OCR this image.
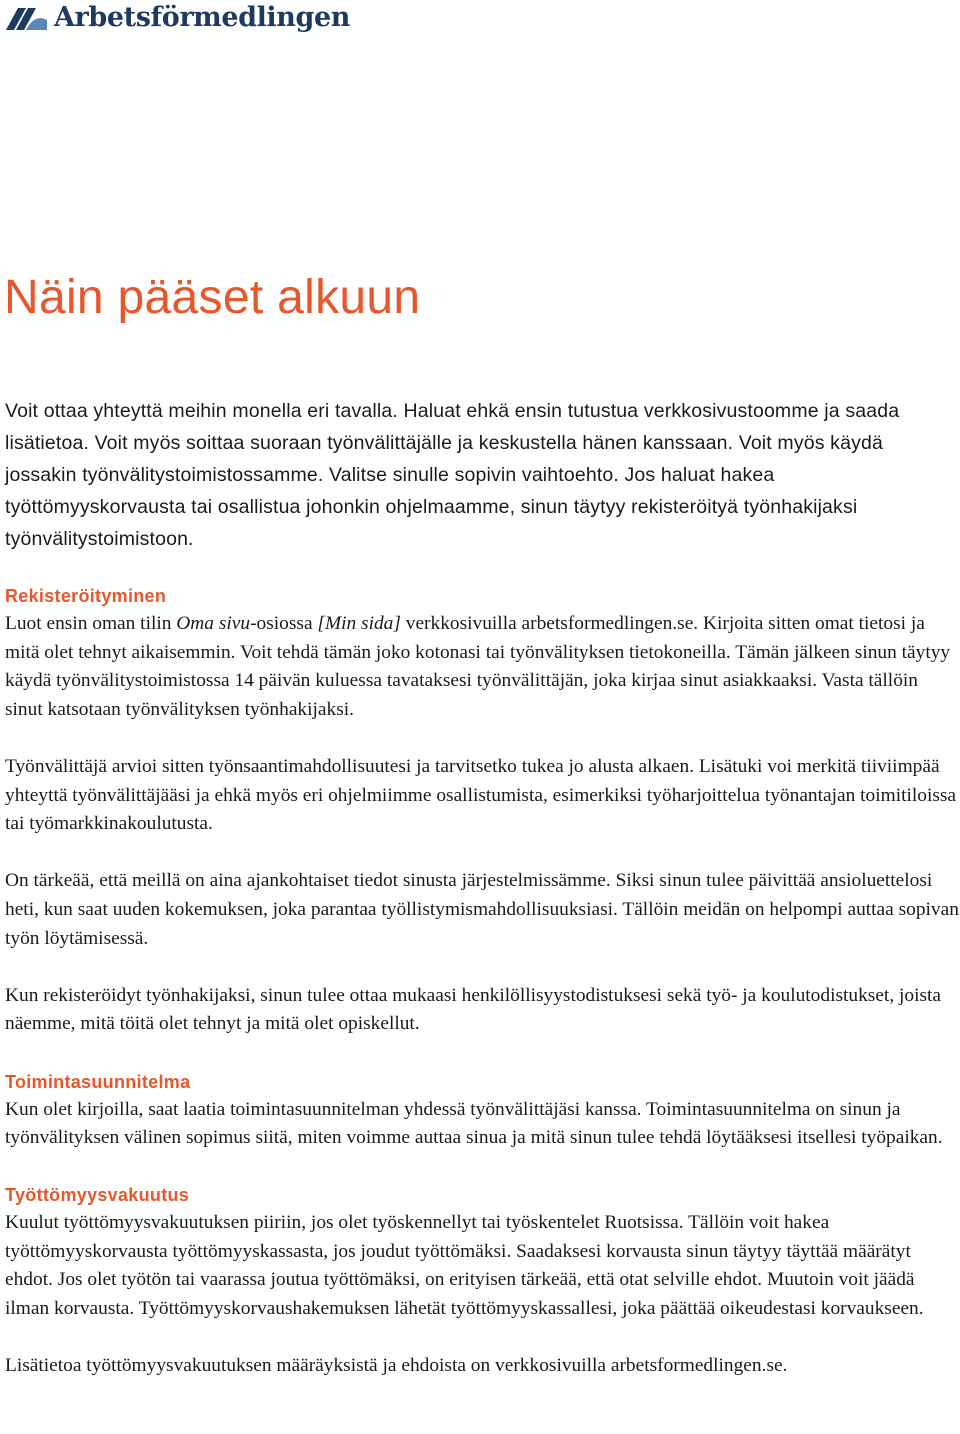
Arbetsförmedlingen
Näin pääset alkuun

Voit ottaa yhteyttä meihin monella eri tavalla. Haluat ehkä ensin tutustua verkkosivustoomme ja saada lisätietoa. Voit myös soittaa suoraan työnvälittäjälle ja keskustella hänen kanssaan. Voit myös käydä jossakin työnvälitystoimistossamme. Valitse sinulle sopivin vaihtoehto. Jos haluat hakea työttömyyskorvausta tai osallistua johonkin ohjelmaamme, sinun täytyy rekisteröityä työnhakijaksi työnvälitystoimistoon.

Rekisteröityminen

Luot ensin oman tilin Oma sivu-osiossa [Min sida] verkkosivuilla arbetsformedlingen.se. Kirjoita sitten omat tietosi ja mitä olet tehnyt aikaisemmin. Voit tehdä tämän joko kotonasi tai työnvälityksen tietokoneilla. Tämän jälkeen sinun täytyy käydä työnvälitystoimistossa 14 päivän kuluessa tavataksesi työnvälittäjän, joka kirjaa sinut asiakkaaksi. Vasta tällöin sinut katsotaan työnvälityksen työnhakijaksi.

Työnvälittäjä arvioi sitten työnsaantimahdollisuutesi ja tarvitsetko tukea jo alusta alkaen. Lisätuki voi merkitä tiiviimpää yhteyttä työnvälittäjääsi ja ehkä myös eri ohjelmiimme osallistumista, esimerkiksi työharjoittelua työnantajan toimitiloissa tai työmarkkinakoulutusta.

On tärkeää, että meillä on aina ajankohtaiset tiedot sinusta järjestelmissämme. Siksi sinun tulee päivittää ansioluettelosi heti, kun saat uuden kokemuksen, joka parantaa työllistymismahdollisuuksiasi. Tällöin meidän on helpompi auttaa sopivan työn löytämisessä.

Kun rekisteröidyt työnhakijaksi, sinun tulee ottaa mukaasi henkilöllisyystodistuksesi sekä työ- ja koulutodistukset, joista näemme, mitä töitä olet tehnyt ja mitä olet opiskellut.

Toimintasuunnitelma

Kun olet kirjoilla, saat laatia toimintasuunnitelman yhdessä työnvälittäjäsi kanssa. Toimintasuunnitelma on sinun ja työnvälityksen välinen sopimus siitä, miten voimme auttaa sinua ja mitä sinun tulee tehdä löytääksesi itsellesi työpaikan.

Työttömyysvakuutus

Kuulut työttömyysvakuutuksen piiriin, jos olet työskennellyt tai työskentelet Ruotsissa. Tällöin voit hakea työttömyyskorvausta työttömyyskassasta, jos joudut työttömäksi. Saadaksesi korvausta sinun täytyy täyttää määrätyt ehdot. Jos olet työtön tai vaarassa joutua työttömäksi, on erityisen tärkeää, että otat selville ehdot. Muutoin voit jäädä ilman korvausta. Työttömyyskorvaushakemuksen lähetät työttömyyskassallesi, joka päättää oikeudestasi korvaukseen.

Lisätietoa työttömyysvakuutuksen määräyksistä ja ehdoista on verkkosivuilla arbetsformedlingen.se.
